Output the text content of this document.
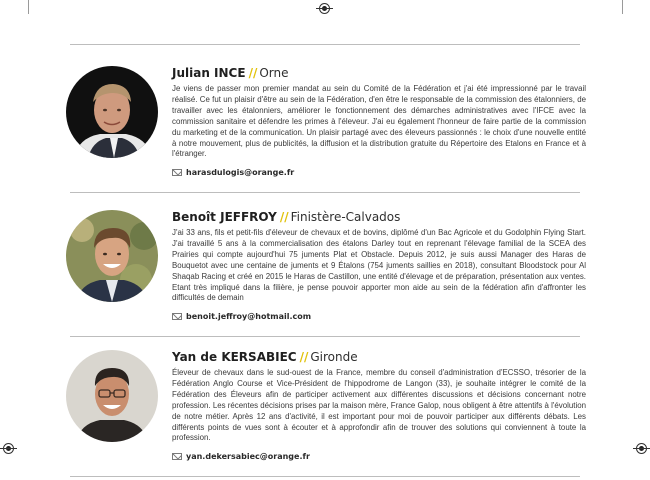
Julian INCE // Orne

Je viens de passer mon premier mandat au sein du Comité de la Fédération et j'ai été impressionné par le travail réalisé. Ce fut un plaisir d'être au sein de la Fédération, d'en être le responsable de la commission des étalonniers, de travailler avec les étalonniers, améliorer le fonctionnement des démarches administratives avec l'IFCE avec la commission sanitaire et défendre les primes à l'éleveur. J'ai eu également l'honneur de faire partie de la commission du marketing et de la communication. Un plaisir partagé avec des éleveurs passionnés : le choix d'une nouvelle entité à notre mouvement, plus de publicités, la diffusion et la distribution gratuite du Répertoire des Etalons en France et à l'étranger.

harasdulogis@orange.fr
Benoît JEFFROY // Finistère-Calvados

J'ai 33 ans, fils et petit-fils d'éleveur de chevaux et de bovins, diplômé d'un Bac Agricole et du Godolphin Flying Start. J'ai travaillé 5 ans à la commercialisation des étalons Darley tout en reprenant l'élevage familial de la SCEA des Prairies qui compte aujourd'hui 75 juments Plat et Obstacle. Depuis 2012, je suis aussi Manager des Haras de Bouquetot avec une centaine de juments et 9 Étalons (754 juments saillies en 2018), consultant Bloodstock pour Al Shaqab Racing et créé en 2015 le Haras de Castillon, une entité d'élevage et de préparation, présentation aux ventes. Etant très impliqué dans la filière, je pense pouvoir apporter mon aide au sein de la fédération afin d'affronter les difficultés de demain

benoit.jeffroy@hotmail.com
Yan de KERSABIEC // Gironde

Éleveur de chevaux dans le sud-ouest de la France, membre du conseil d'administration d'ECSSO, trésorier de la Fédération Anglo Course et Vice-Président de l'hippodrome de Langon (33), je souhaite intégrer le comité de la Fédération des Éleveurs afin de participer activement aux différentes discussions et décisions concernant notre profession. Les récentes décisions prises par la maison mère, France Galop, nous obligent à être attentifs à l'évolution de notre métier. Après 12 ans d'activité, il est important pour moi de pouvoir participer aux différents débats. Les différents points de vues sont à écouter et à approfondir afin de trouver des solutions qui conviennent à toute la profession.

yan.dekersabiec@orange.fr
